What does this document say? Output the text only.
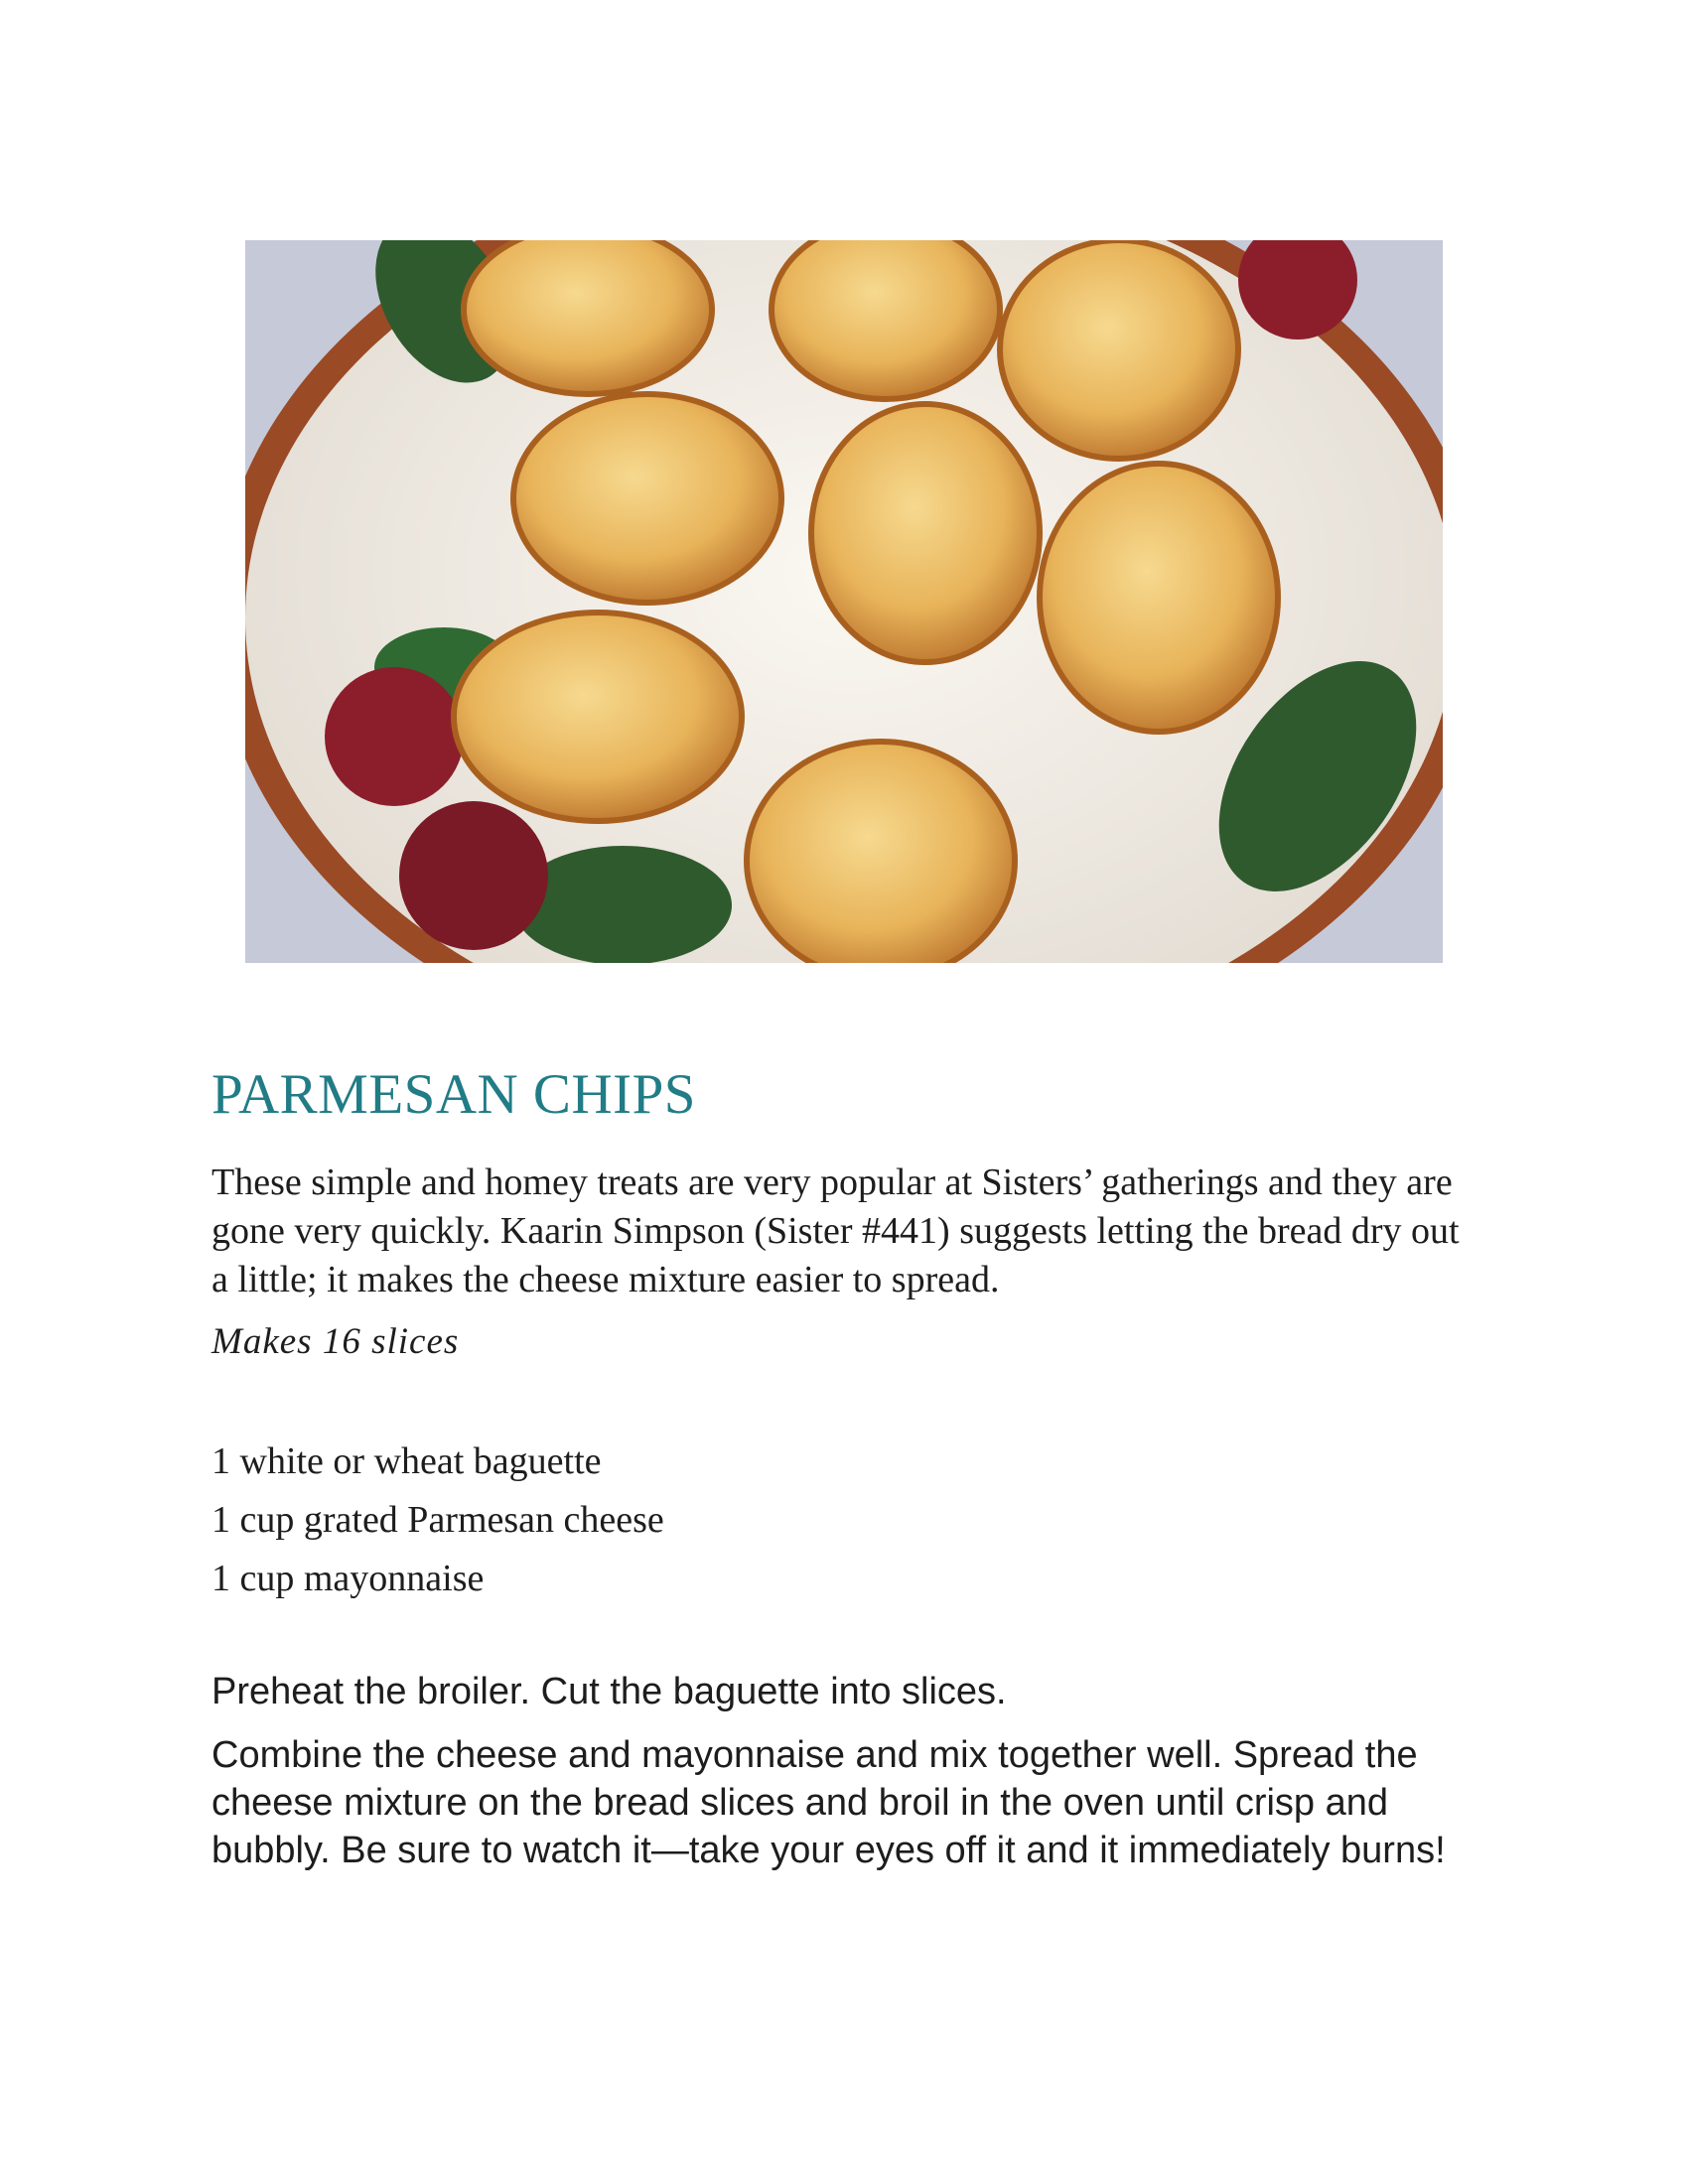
PARMESAN CHIPS

These simple and homey treats are very popular at Sisters’ gatherings and they are gone very quickly. Kaarin Simpson (Sister #441) suggests letting the bread dry out a little; it makes the cheese mixture easier to spread.

Makes 16 slices

1 white or wheat baguette
1 cup grated Parmesan cheese
1 cup mayonnaise

Preheat the broiler. Cut the baguette into slices.

Combine the cheese and mayonnaise and mix together well. Spread the cheese mixture on the bread slices and broil in the oven until crisp and bubbly. Be sure to watch it—take your eyes off it and it immediately burns!
